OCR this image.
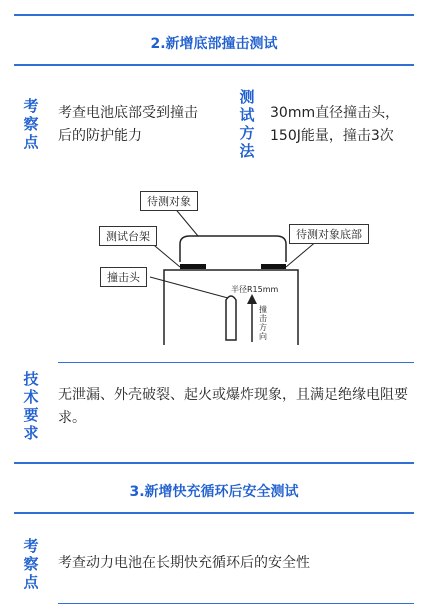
2.新增底部撞击测试
考
察
点
考查电池底部受到撞击后的防护能力
测
试
方
法
30mm直径撞击头，150J能量，撞击3次
待测对象
测试台架	待测对象底部
撞击头
半径R15mm
撞
击
方
向
技
术
要
求
无泄漏、外壳破裂、起火或爆炸现象，且满足绝缘电阻要求。
3.新增快充循环后安全测试
考
察
点
考查动力电池在长期快充循环后的安全性
